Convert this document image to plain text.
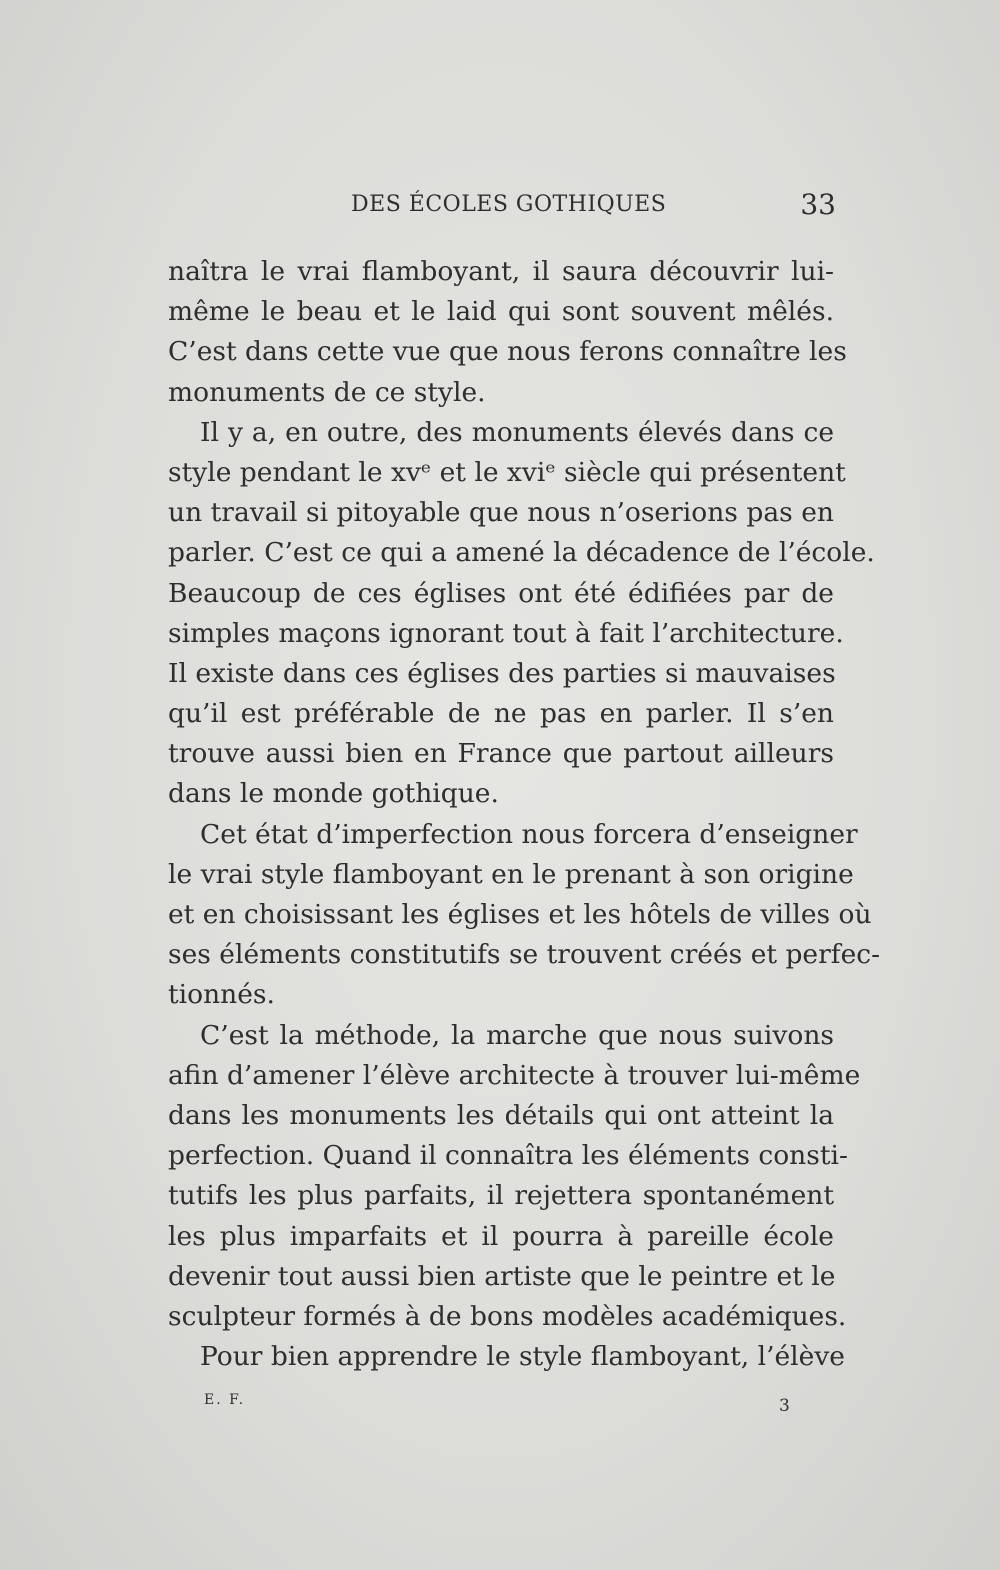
DES ÉCOLES GOTHIQUES	33
naîtra le vrai flamboyant, il saura découvrir lui-
même le beau et le laid qui sont souvent mêlés.
C’est dans cette vue que nous ferons connaître les
monuments de ce style.
Il y a, en outre, des monuments élevés dans ce
style pendant le xvᵉ et le xviᵉ siècle qui présentent
un travail si pitoyable que nous n’oserions pas en
parler. C’est ce qui a amené la décadence de l’école.
Beaucoup de ces églises ont été édifiées par de
simples maçons ignorant tout à fait l’architecture.
Il existe dans ces églises des parties si mauvaises
qu’il est préférable de ne pas en parler. Il s’en
trouve aussi bien en France que partout ailleurs
dans le monde gothique.
Cet état d’imperfection nous forcera d’enseigner
le vrai style flamboyant en le prenant à son origine
et en choisissant les églises et les hôtels de villes où
ses éléments constitutifs se trouvent créés et perfec-
tionnés.
C’est la méthode, la marche que nous suivons
afin d’amener l’élève architecte à trouver lui-même
dans les monuments les détails qui ont atteint la
perfection. Quand il connaîtra les éléments consti-
tutifs les plus parfaits, il rejettera spontanément
les plus imparfaits et il pourra à pareille école
devenir tout aussi bien artiste que le peintre et le
sculpteur formés à de bons modèles académiques.
Pour bien apprendre le style flamboyant, l’élève
E. F.	3
